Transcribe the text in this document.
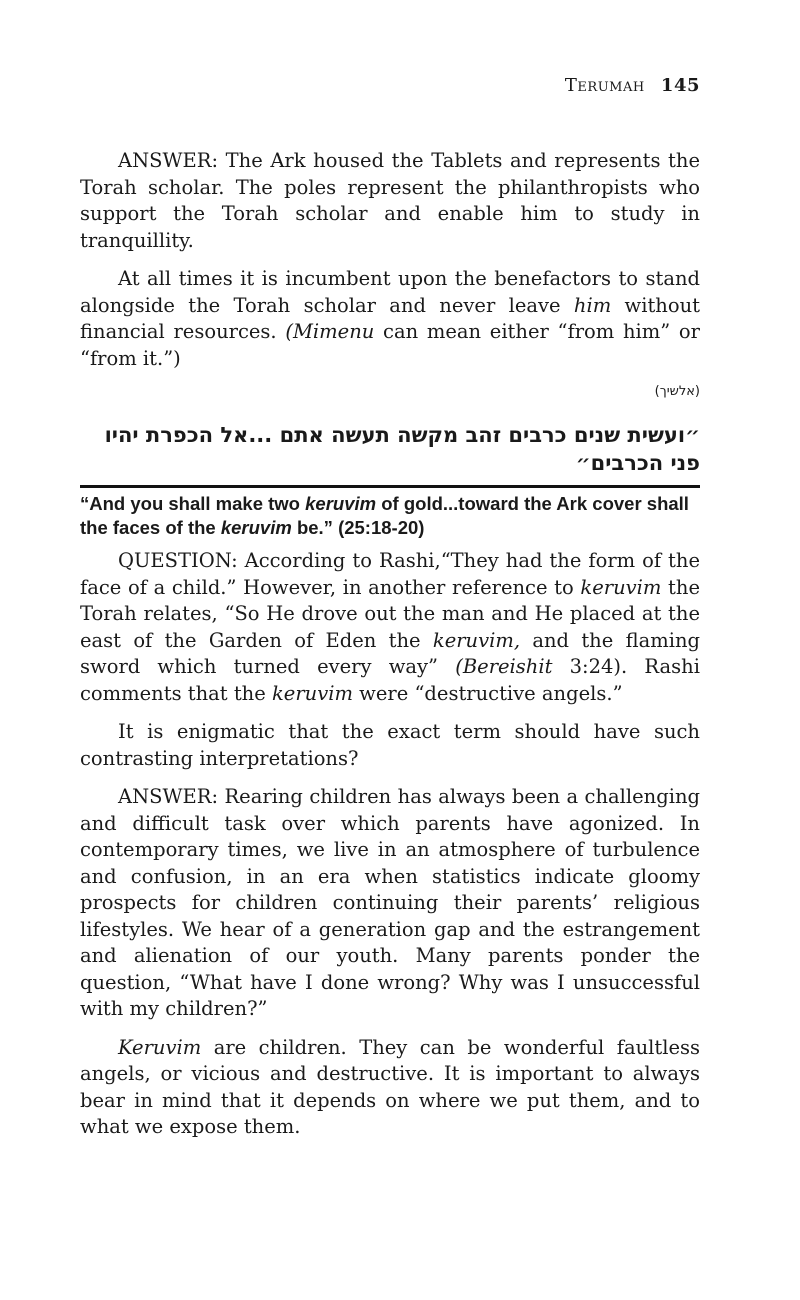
Terumah 145

ANSWER: The Ark housed the Tablets and represents the Torah scholar. The poles represent the philanthropists who support the Torah scholar and enable him to study in tranquillity.

At all times it is incumbent upon the benefactors to stand alongside the Torah scholar and never leave him without financial resources. (Mimenu can mean either “from him” or “from it.”)

(אלשיך)

״ועשית שנים כרבים זהב מקשה תעשה אתם ...אל הכפרת יהיו פני הכרבים״

“And you shall make two keruvim of gold...toward the Ark cover shall the faces of the keruvim be.” (25:18-20)

QUESTION: According to Rashi,“They had the form of the face of a child.” However, in another reference to keruvim the Torah relates, “So He drove out the man and He placed at the east of the Garden of Eden the keruvim, and the flaming sword which turned every way” (Bereishit 3:24). Rashi comments that the keruvim were “destructive angels.”

It is enigmatic that the exact term should have such contrasting interpretations?

ANSWER: Rearing children has always been a challenging and difficult task over which parents have agonized. In contemporary times, we live in an atmosphere of turbulence and confusion, in an era when statistics indicate gloomy prospects for children continuing their parents’ religious lifestyles. We hear of a generation gap and the estrangement and alienation of our youth. Many parents ponder the question, “What have I done wrong? Why was I unsuccessful with my children?”

Keruvim are children. They can be wonderful faultless angels, or vicious and destructive. It is important to always bear in mind that it depends on where we put them, and to what we expose them.
